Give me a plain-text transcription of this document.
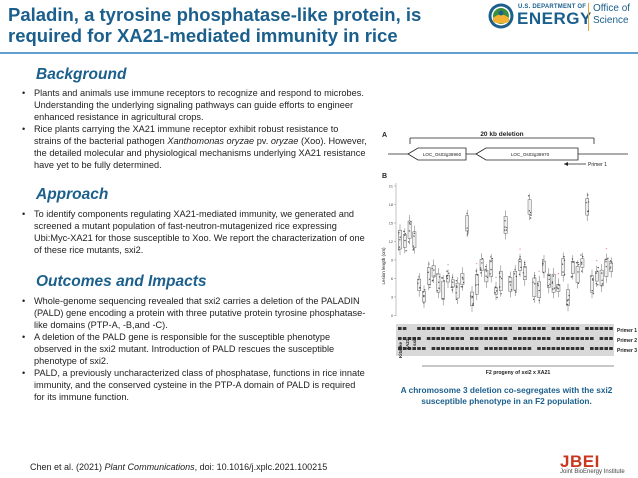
Paladin, a tyrosine phosphatase-like protein, is
required for XA21-mediated immunity in rice
U.S. DEPARTMENT OF
ENERGY
Office of
Science
Background
• Plants and animals use immune receptors to recognize and respond to microbes. Understanding the underlying signaling pathways can guide efforts to engineer enhanced resistance in agricultural crops.
• Rice plants carrying the XA21 immune receptor exhibit robust resistance to strains of the bacterial pathogen Xanthomonas oryzae pv. oryzae (Xoo). However, the detailed molecular and physiological mechanisms underlying XA21 resistance have yet to be fully determined.
Approach
• To identify components regulating XA21-mediated immunity, we generated and screened a mutant population of fast-neutron-mutagenized rice expressing Ubi:Myc-XA21 for those susceptible to Xoo. We report the characterization of one of these rice mutants, sxi2.
Outcomes and Impacts
• Whole-genome sequencing revealed that sxi2 carries a deletion of the PALADIN (PALD) gene encoding a protein with three putative protein tyrosine phosphatase-like domains (PTP-A, -B,and -C).
• A deletion of the PALD gene is responsible for the susceptible phenotype observed in the sxi2 mutant. Introduction of PALD rescues the susceptible phenotype of sxi2.
• PALD, a previously uncharacterized class of phosphatase, functions in rice innate immunity, and the conserved cysteine in the PTP-A domain of PALD is required for its immune function.
A	20 kb deletion
LOC_Os03g38960	LOC_Os03g38970
Primer 1
B
Lesion length (cm)
21
18
15
12
9
6
3
0
*	*
*
*
*
*
*
*
Primer 1
Primer 2
Primer 3
Kitaake XA21 sxi2
F2 progeny of sxi2 x XA21
A chromosome 3 deletion co-segregates with the sxi2 susceptible phenotype in an F2 population.
Chen et al. (2021) Plant Communications, doi: 10.1016/j.xplc.2021.100215	JBEI
Joint BioEnergy Institute
